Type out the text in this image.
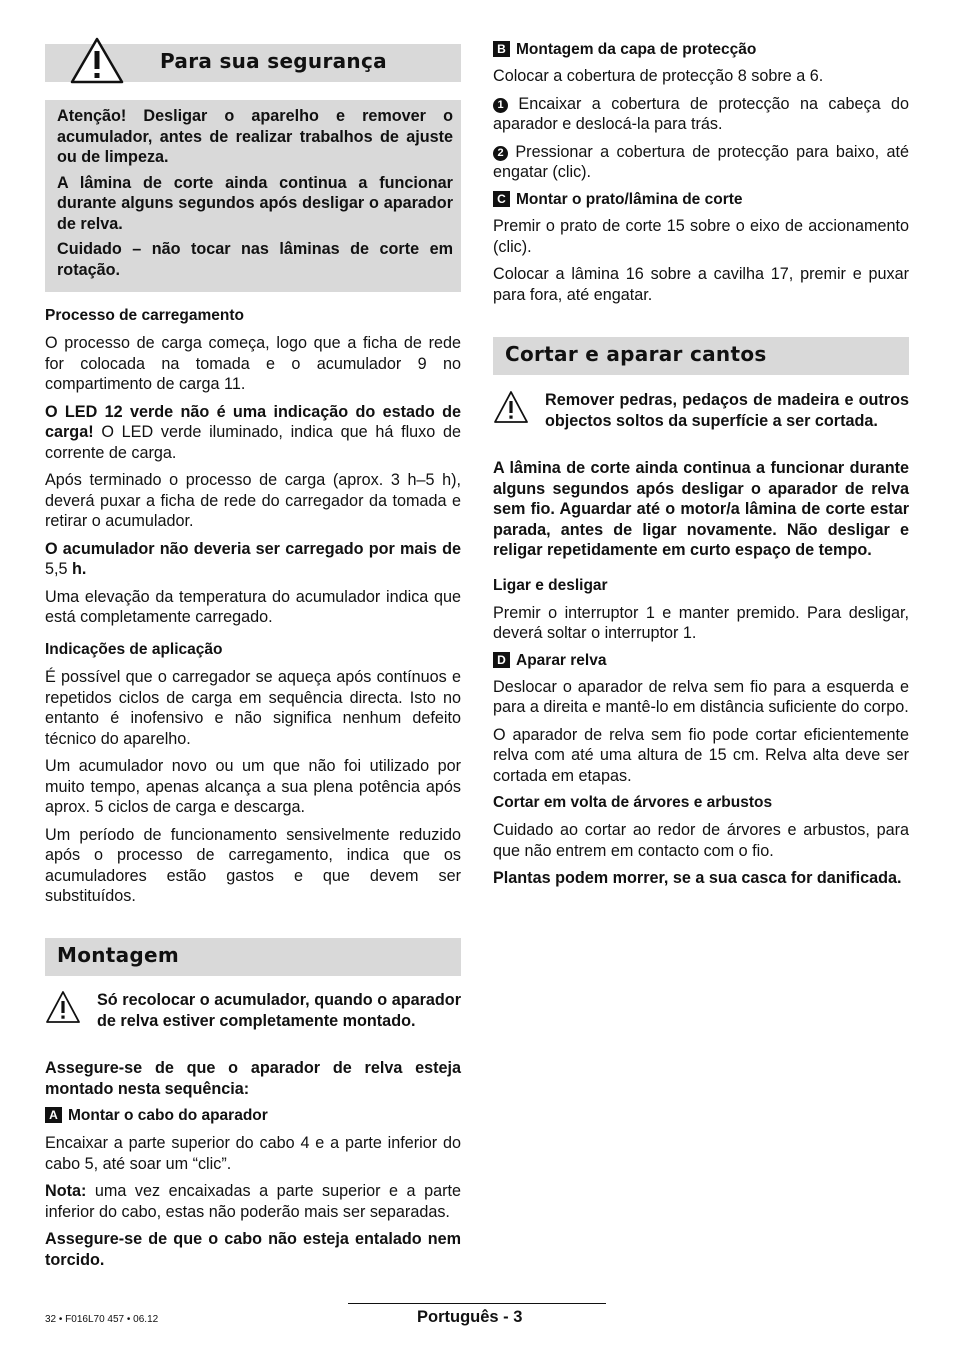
Para sua segurança

Atenção! Desligar o aparelho e remover o acumulador, antes de realizar trabalhos de ajuste ou de limpeza.

A lâmina de corte ainda continua a funcionar durante alguns segundos após desligar o aparador de relva.

Cuidado – não tocar nas lâminas de corte em rotação.

Processo de carregamento

O processo de carga começa, logo que a ficha de rede for colocada na tomada e o acumulador 9 no compartimento de carga 11.

O LED 12 verde não é uma indicação do estado de carga! O LED verde iluminado, indica que há fluxo de corrente de carga.

Após terminado o processo de carga (aprox. 3 h–5 h), deverá puxar a ficha de rede do carregador da tomada e retirar o acumulador.

O acumulador não deveria ser carregado por mais de 5,5 h.

Uma elevação da temperatura do acumulador indica que está completamente carregado.

Indicações de aplicação

É possível que o carregador se aqueça após contínuos e repetidos ciclos de carga em sequência directa. Isto no entanto é inofensivo e não significa nenhum defeito técnico do aparelho.

Um acumulador novo ou um que não foi utilizado por muito tempo, apenas alcança a sua plena potência após aprox. 5 ciclos de carga e descarga.

Um período de funcionamento sensivelmente reduzido após o processo de carregamento, indica que os acumuladores estão gastos e que devem ser substituídos.

Montagem

Só recolocar o acumulador, quando o aparador de relva estiver completamente montado.

Assegure-se de que o aparador de relva esteja montado nesta sequência:

A Montar o cabo do aparador

Encaixar a parte superior do cabo 4 e a parte inferior do cabo 5, até soar um “clic”.

Nota: uma vez encaixadas a parte superior e a parte inferior do cabo, estas não poderão mais ser separadas.

Assegure-se de que o cabo não esteja entalado nem torcido.

B Montagem da capa de protecção

Colocar a cobertura de protecção 8 sobre a 6.

1 Encaixar a cobertura de protecção na cabeça do aparador e deslocá-la para trás.

2 Pressionar a cobertura de protecção para baixo, até engatar (clic).

C Montar o prato/lâmina de corte

Premir o prato de corte 15 sobre o eixo de accionamento (clic).

Colocar a lâmina 16 sobre a cavilha 17, premir e puxar para fora, até engatar.

Cortar e aparar cantos

Remover pedras, pedaços de madeira e outros objectos soltos da superfície a ser cortada.

A lâmina de corte ainda continua a funcionar durante alguns segundos após desligar o aparador de relva sem fio. Aguardar até o motor/a lâmina de corte estar parada, antes de ligar novamente. Não desligar e religar repetidamente em curto espaço de tempo.

Ligar e desligar

Premir o interruptor 1 e manter premido. Para desligar, deverá soltar o interruptor 1.

D Aparar relva

Deslocar o aparador de relva sem fio para a esquerda e para a direita e mantê-lo em distância suficiente do corpo.

O aparador de relva sem fio pode cortar eficientemente relva com até uma altura de 15 cm. Relva alta deve ser cortada em etapas.

Cortar em volta de árvores e arbustos

Cuidado ao cortar ao redor de árvores e arbustos, para que não entrem em contacto com o fio.

Plantas podem morrer, se a sua casca for danificada.

32 • F016L70 457 • 06.12	Português - 3
